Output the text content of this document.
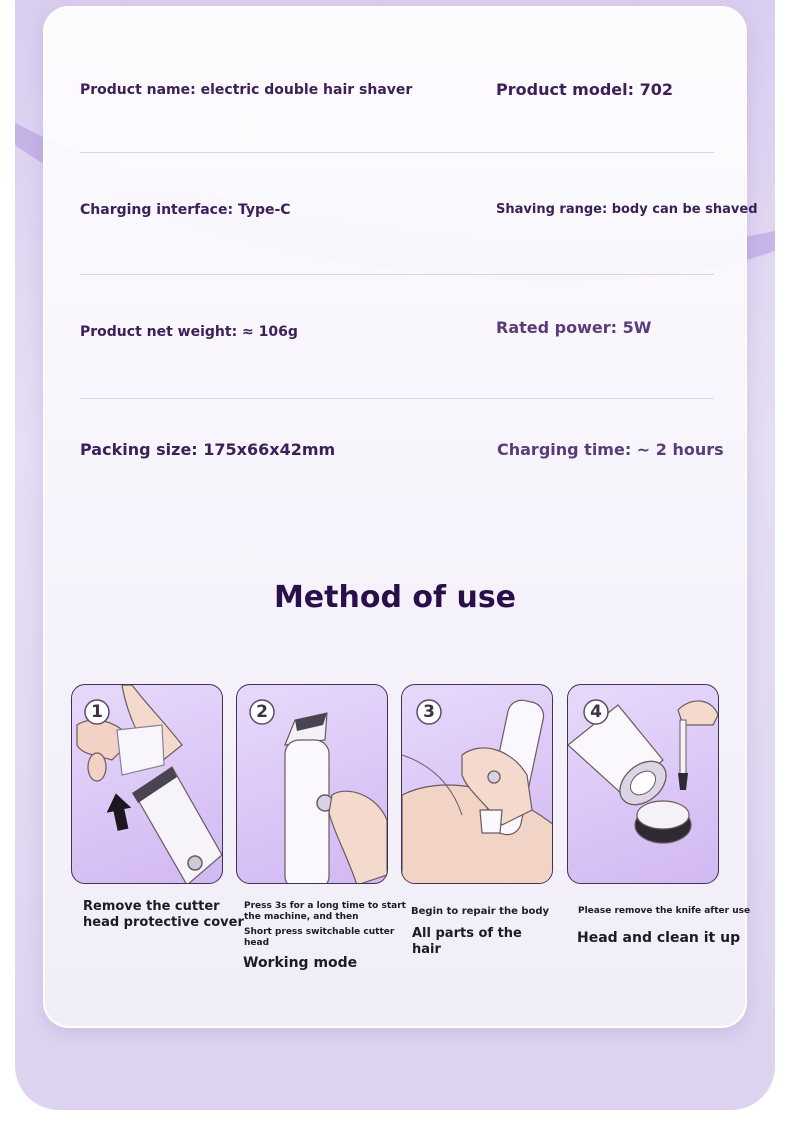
Product name: electric double hair shaver	Product model: 702
Charging interface: Type-C	Shaving range: body can be shaved
Product net weight: ≈ 106g	Rated power: 5W
Packing size: 175x66x42mm	Charging time: ~ 2 hours
Method of use
1	2	3	4
Remove the cutter
head protective cover
Press 3s for a long time to start
the machine, and then
Short press switchable cutter
head
Working mode
Begin to repair the body
All parts of the
hair
Please remove the knife after use
Head and clean it up
